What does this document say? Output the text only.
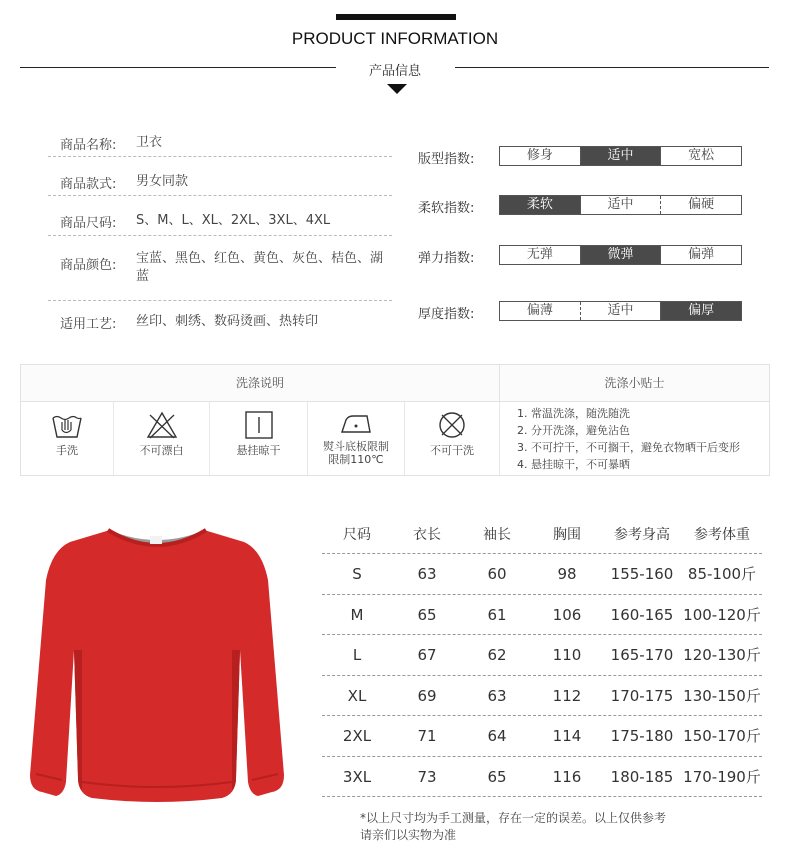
PRODUCT INFORMATION
产品信息
商品名称: 卫衣
商品款式: 男女同款
商品尺码: S、M、L、XL、2XL、3XL、4XL
商品颜色: 宝蓝、黑色、红色、黄色、灰色、桔色、湖蓝
适用工艺: 丝印、刺绣、数码烫画、热转印
版型指数:	修身	适中	宽松
柔软指数:	柔软	适中	偏硬
弹力指数:	无弹	微弹	偏弹
厚度指数:	偏薄	适中	偏厚
洗涤说明	洗涤小贴士
手洗	不可漂白	悬挂晾干	熨斗底板限制
限制110℃
不可干洗
1. 常温洗涤，随洗随洗
2. 分开洗涤，避免沾色
3. 不可拧干，不可搁干，避免衣物晒干后变形
4. 悬挂晾干，不可暴晒
尺码	衣长	袖长	胸围	参考身高	参考体重
S	63	60	98	155-160 85-100斤
M	65	61	106	160-165 100-120斤
L	67	62	110	165-170 120-130斤
XL	69	63	112	170-175 130-150斤
2XL	71	64	114	175-180 150-170斤
3XL	73	65	116	180-185 170-190斤
*以上尺寸均为手工测量，存在一定的误差。以上仅供参考
请亲们以实物为准
